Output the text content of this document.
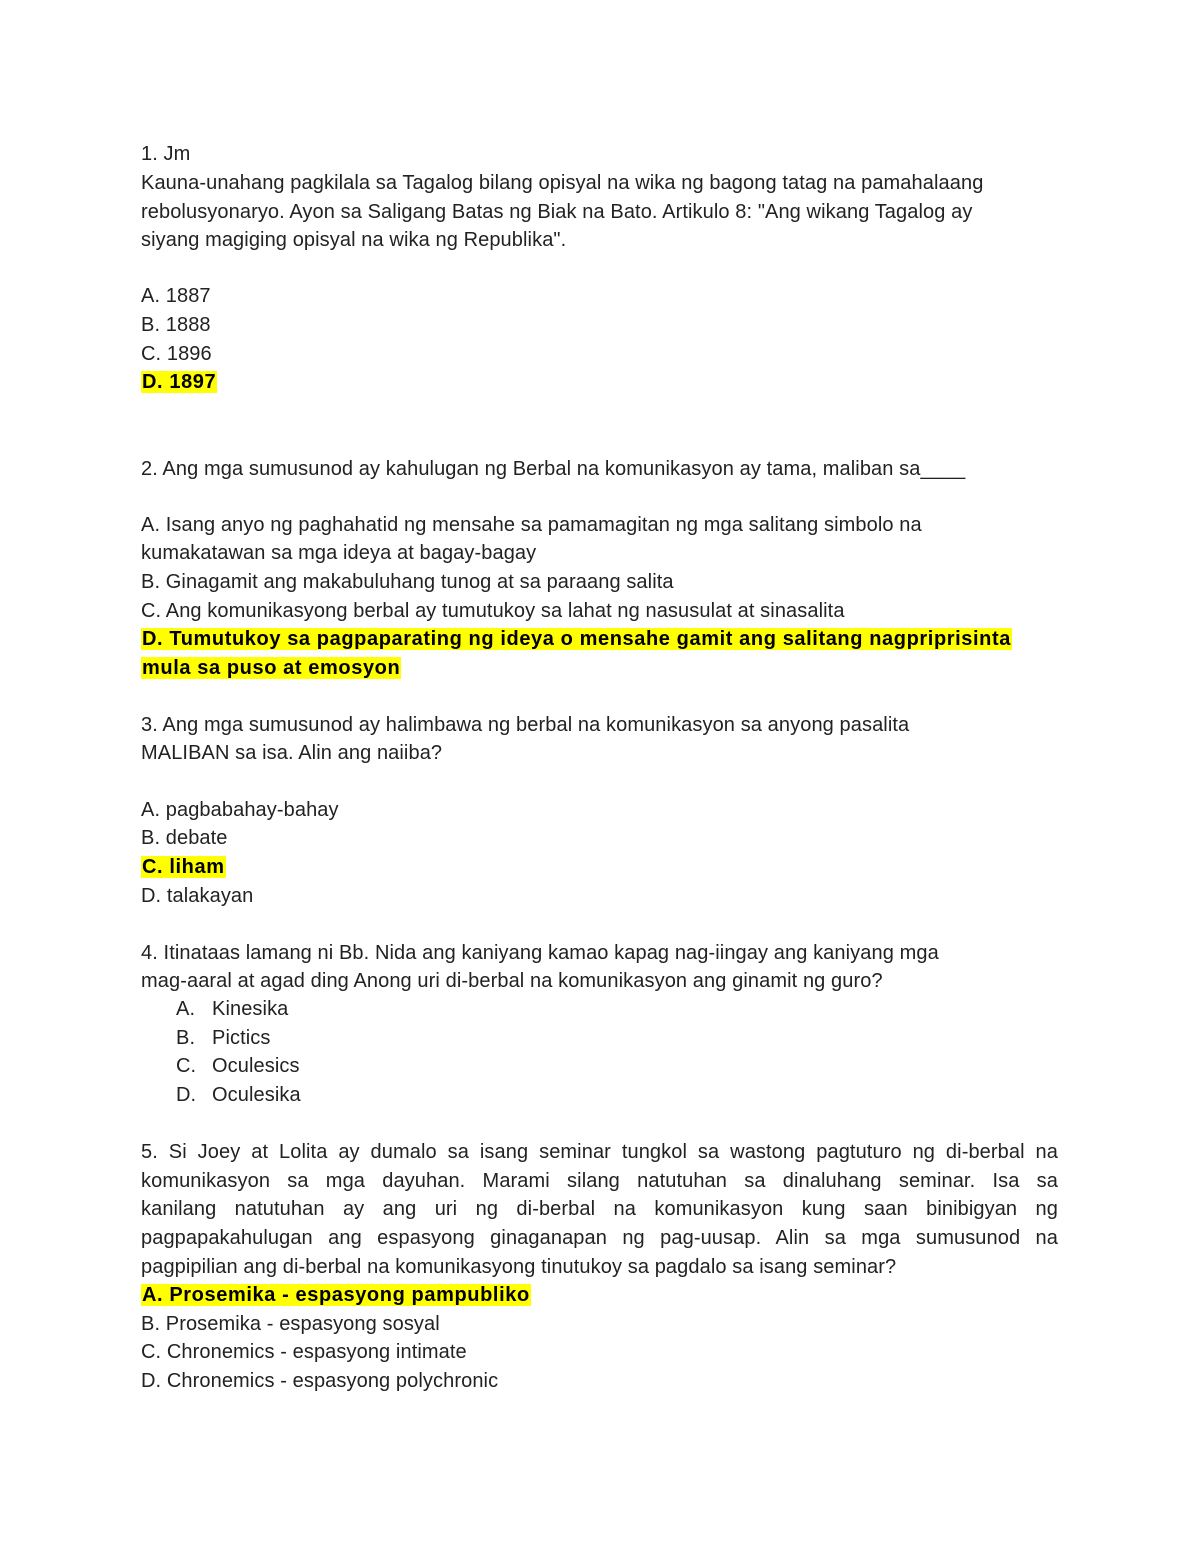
1. Jm
Kauna-unahang pagkilala sa Tagalog bilang opisyal na wika ng bagong tatag na pamahalaang
rebolusyonaryo. Ayon sa Saligang Batas ng Biak na Bato. Artikulo 8: "Ang wikang Tagalog ay
siyang magiging opisyal na wika ng Republika".
A. 1887
B. 1888
C. 1896
D. 1897
2. Ang mga sumusunod ay kahulugan ng Berbal na komunikasyon ay tama, maliban sa____
A. Isang anyo ng paghahatid ng mensahe sa pamamagitan ng mga salitang simbolo na
kumakatawan sa mga ideya at bagay-bagay
B. Ginagamit ang makabuluhang tunog at sa paraang salita
C. Ang komunikasyong berbal ay tumutukoy sa lahat ng nasusulat at sinasalita
D. Tumutukoy sa pagpaparating ng ideya o mensahe gamit ang salitang nagpriprisinta
mula sa puso at emosyon
3. Ang mga sumusunod ay halimbawa ng berbal na komunikasyon sa anyong pasalita
MALIBAN sa isa. Alin ang naiiba?
A. pagbabahay-bahay
B. debate
C. liham
D. talakayan
4. Itinataas lamang ni Bb. Nida ang kaniyang kamao kapag nag-iingay ang kaniyang mga
mag-aaral at agad ding Anong uri di-berbal na komunikasyon ang ginamit ng guro?
A. Kinesika
B. Pictics
C. Oculesics
D. Oculesika
5. Si Joey at Lolita ay dumalo sa isang seminar tungkol sa wastong pagtuturo ng di-berbal na
komunikasyon sa mga dayuhan. Marami silang natutuhan sa dinaluhang seminar. Isa sa
kanilang natutuhan ay ang uri ng di-berbal na komunikasyon kung saan binibigyan ng
pagpapakahulugan ang espasyong ginaganapan ng pag-uusap. Alin sa mga sumusunod na
pagpipilian ang di-berbal na komunikasyong tinutukoy sa pagdalo sa isang seminar?
A. Prosemika - espasyong pampubliko
B. Prosemika - espasyong sosyal
C. Chronemics - espasyong intimate
D. Chronemics - espasyong polychronic
